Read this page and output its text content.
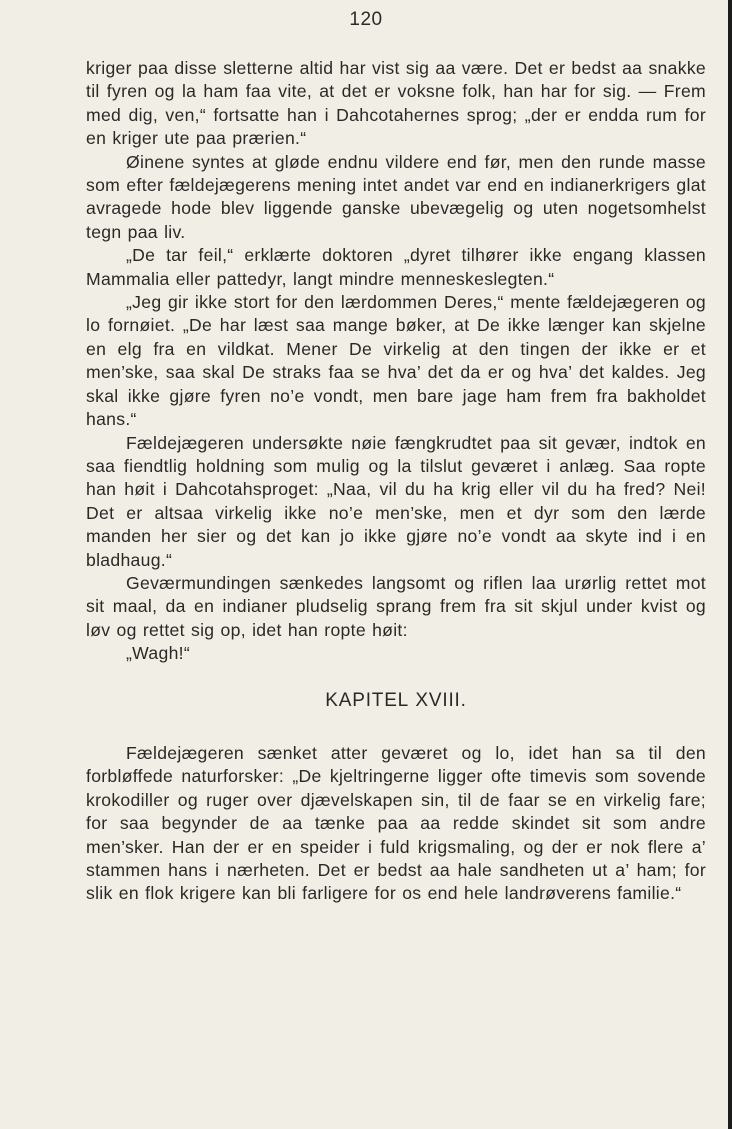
120

kriger paa disse sletterne altid har vist sig aa være. Det er bedst aa snakke til fyren og la ham faa vite, at det er voksne folk, han har for sig. — Frem med dig, ven,“ fortsatte han i Dahcotahernes sprog; „der er endda rum for en kriger ute paa prærien.“

Øinene syntes at gløde endnu vildere end før, men den runde masse som efter fældejægerens mening intet andet var end en indianerkrigers glat avragede hode blev liggende ganske ubevægelig og uten nogetsomhelst tegn paa liv.

„De tar feil,“ erklærte doktoren „dyret tilhører ikke engang klassen Mammalia eller pattedyr, langt mindre menneskeslegten.“

„Jeg gir ikke stort for den lærdommen Deres,“ mente fældejægeren og lo fornøiet. „De har læst saa mange bøker, at De ikke længer kan skjelne en elg fra en vildkat. Mener De virkelig at den tingen der ikke er et men’ske, saa skal De straks faa se hva’ det da er og hva’ det kaldes. Jeg skal ikke gjøre fyren no’e vondt, men bare jage ham frem fra bakholdet hans.“

Fældejægeren undersøkte nøie fængkrudtet paa sit gevær, indtok en saa fiendtlig holdning som mulig og la tilslut geværet i anlæg. Saa ropte han høit i Dahcotahsproget: „Naa, vil du ha krig eller vil du ha fred? Nei! Det er altsaa virkelig ikke no’e men’ske, men et dyr som den lærde manden her sier og det kan jo ikke gjøre no’e vondt aa skyte ind i en bladhaug.“

Geværmundingen sænkedes langsomt og riflen laa urørlig rettet mot sit maal, da en indianer pludselig sprang frem fra sit skjul under kvist og løv og rettet sig op, idet han ropte høit:

„Wagh!“

KAPITEL XVIII.

Fældejægeren sænket atter geværet og lo, idet han sa til den forbløffede naturforsker: „De kjeltringerne ligger ofte timevis som sovende krokodiller og ruger over djævelskapen sin, til de faar se en virkelig fare; for saa begynder de aa tænke paa aa redde skindet sit som andre men’sker. Han der er en speider i fuld krigsmaling, og der er nok flere a’ stammen hans i nærheten. Det er bedst aa hale sandheten ut a’ ham; for slik en flok krigere kan bli farligere for os end hele landrøverens familie.“
